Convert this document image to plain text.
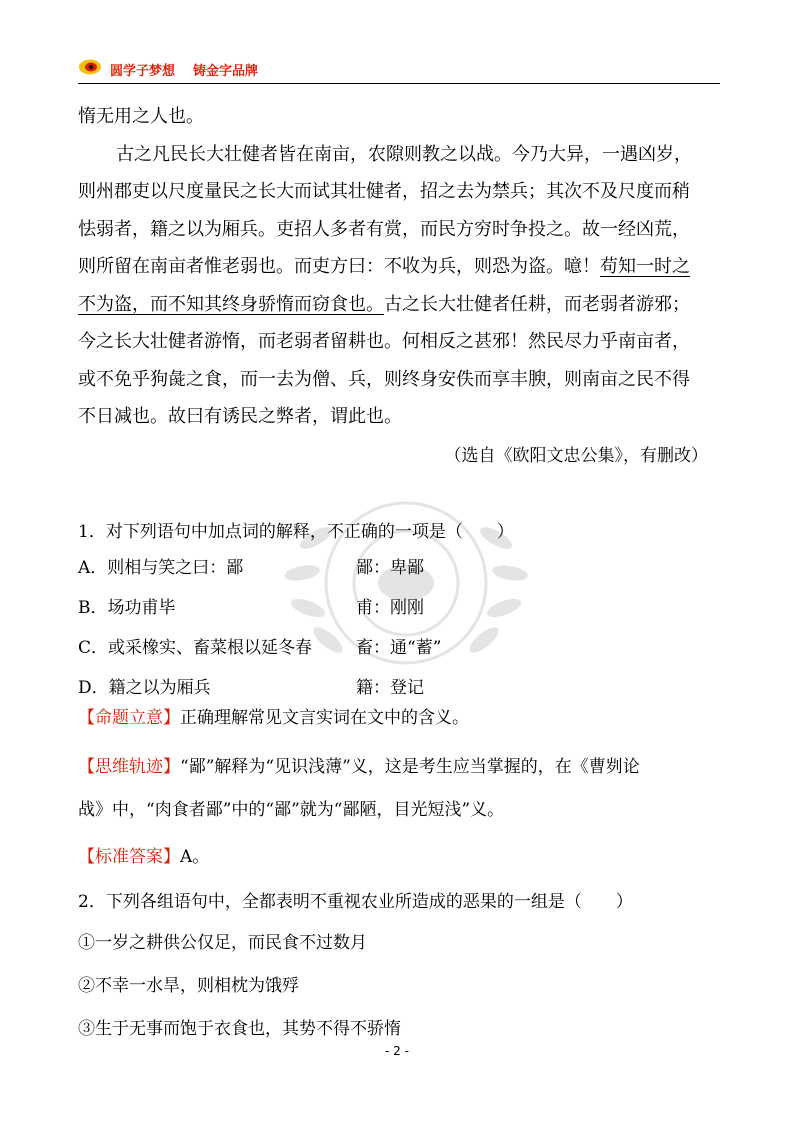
圆学子梦想 铸金字品牌

惰无用之人也。

古之凡民长大壮健者皆在南亩，农隙则教之以战。今乃大异，一遇凶岁，

则州郡吏以尺度量民之长大而试其壮健者，招之去为禁兵；其次不及尺度而稍

怯弱者，籍之以为厢兵。吏招人多者有赏，而民方穷时争投之。故一经凶荒，

则所留在南亩者惟老弱也。而吏方曰：不收为兵，则恐为盗。噫！苟知一时之

不为盗，而不知其终身骄惰而窃食也。古之长大壮健者任耕，而老弱者游邪；

今之长大壮健者游惰，而老弱者留耕也。何相反之甚邪！然民尽力乎南亩者，

或不免乎狗彘之食，而一去为僧、兵，则终身安佚而享丰腴，则南亩之民不得

不日减也。故曰有诱民之弊者，谓此也。

（选自《欧阳文忠公集》，有删改）

1．对下列语句中加点词的解释，不正确的一项是（　　）

A．则相与笑之曰：鄙	鄙：卑鄙
B．场功甫毕	甫：刚刚
C．或采橡实、畜菜根以延冬春	畜：通“蓄”
D．籍之以为厢兵	籍：登记

【命题立意】正确理解常见文言实词在文中的含义。

【思维轨迹】“鄙”解释为“见识浅薄”义，这是考生应当掌握的，在《曹刿论

战》中，“肉食者鄙”中的“鄙”就为“鄙陋，目光短浅”义。

【标准答案】A。

2．下列各组语句中，全都表明不重视农业所造成的恶果的一组是（　　）

①一岁之耕供公仅足，而民食不过数月

②不幸一水旱，则相枕为饿殍

③生于无事而饱于衣食也，其势不得不骄惰

- 2 -
